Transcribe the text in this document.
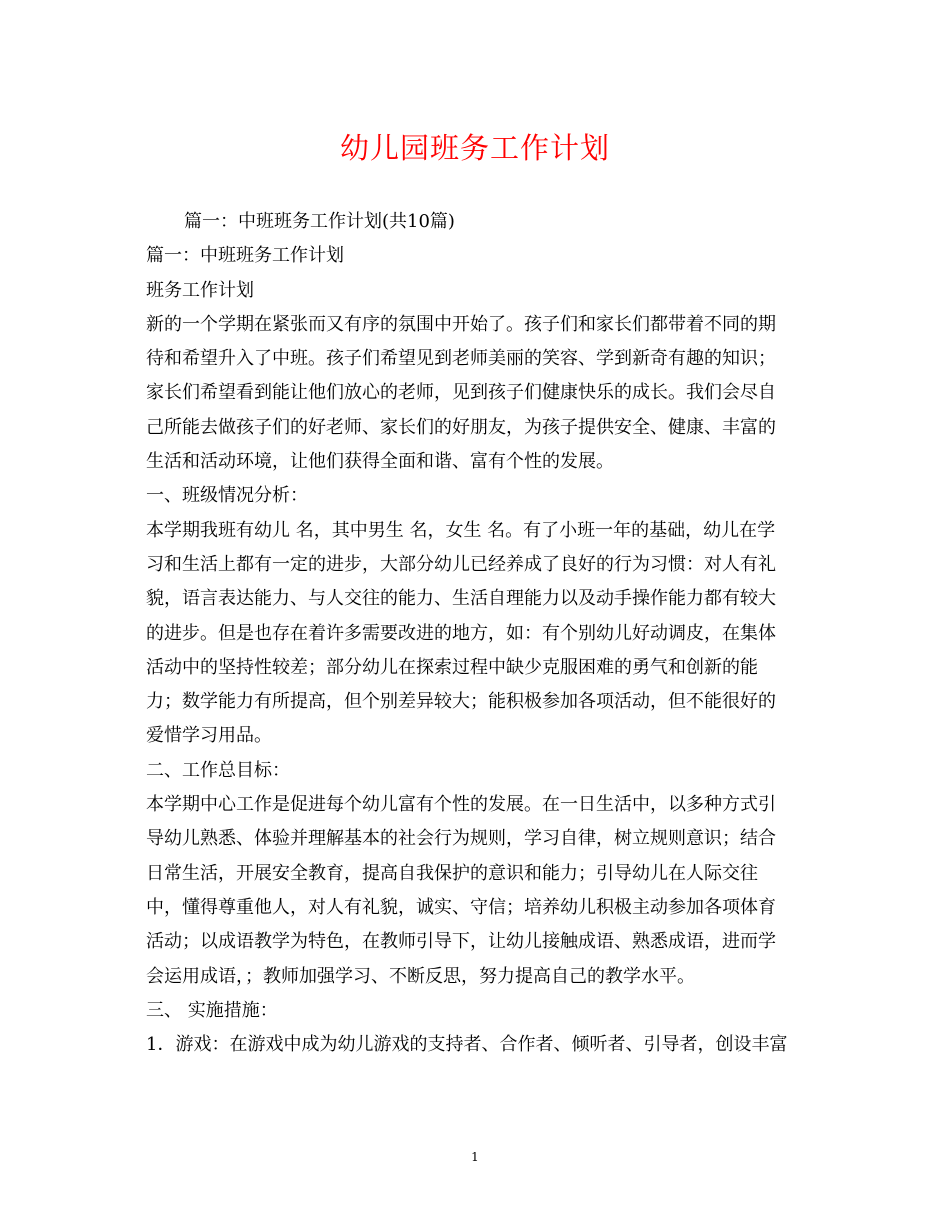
幼儿园班务工作计划

篇一：中班班务工作计划(共10篇)

篇一：中班班务工作计划

班务工作计划

新的一个学期在紧张而又有序的氛围中开始了。孩子们和家长们都带着不同的期

待和希望升入了中班。孩子们希望见到老师美丽的笑容、学到新奇有趣的知识；

家长们希望看到能让他们放心的老师，见到孩子们健康快乐的成长。我们会尽自

己所能去做孩子们的好老师、家长们的好朋友，为孩子提供安全、健康、丰富的

生活和活动环境，让他们获得全面和谐、富有个性的发展。

一、班级情况分析：

本学期我班有幼儿 名，其中男生 名，女生 名。有了小班一年的基础，幼儿在学

习和生活上都有一定的进步，大部分幼儿已经养成了良好的行为习惯：对人有礼

貌，语言表达能力、与人交往的能力、生活自理能力以及动手操作能力都有较大

的进步。但是也存在着许多需要改进的地方，如：有个别幼儿好动调皮，在集体

活动中的坚持性较差；部分幼儿在探索过程中缺少克服困难的勇气和创新的能

力；数学能力有所提高，但个别差异较大；能积极参加各项活动，但不能很好的

爱惜学习用品。

二、工作总目标：

本学期中心工作是促进每个幼儿富有个性的发展。在一日生活中，以多种方式引

导幼儿熟悉、体验并理解基本的社会行为规则，学习自律，树立规则意识；结合

日常生活，开展安全教育，提高自我保护的意识和能力；引导幼儿在人际交往

中，懂得尊重他人，对人有礼貌，诚实、守信；培养幼儿积极主动参加各项体育

活动；以成语教学为特色，在教师引导下，让幼儿接触成语、熟悉成语，进而学

会运用成语，；教师加强学习、不断反思，努力提高自己的教学水平。

三、 实施措施：

1．游戏：在游戏中成为幼儿游戏的支持者、合作者、倾听者、引导者，创设丰富

1
